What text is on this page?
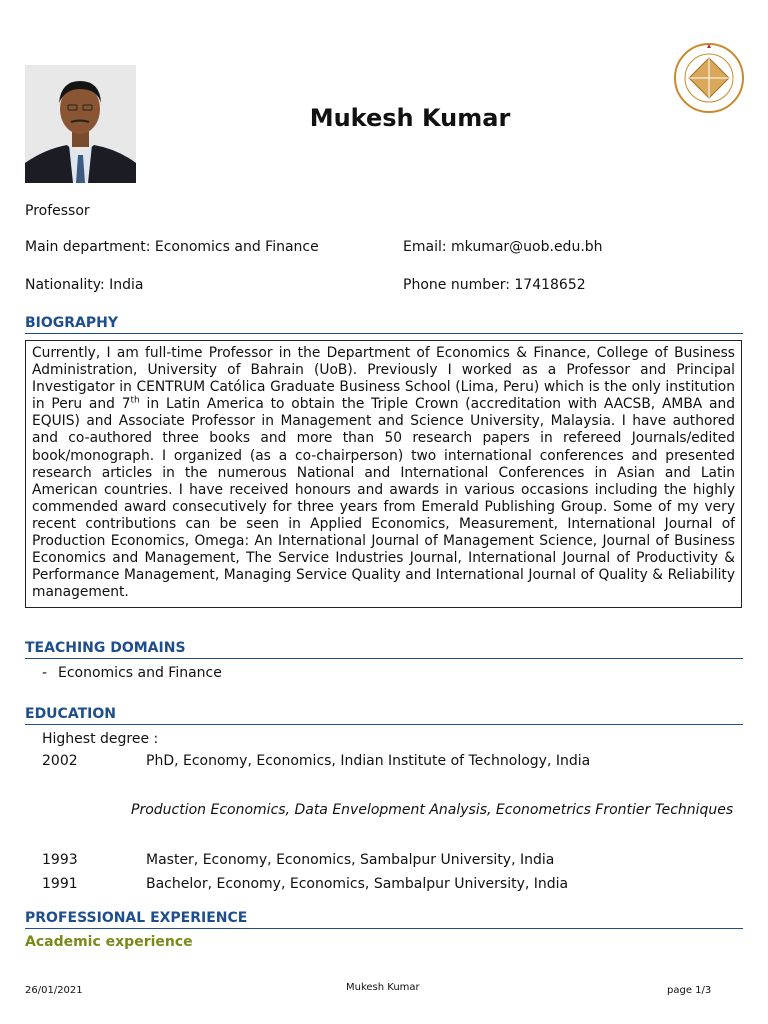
Mukesh Kumar
Professor
Main department: Economics and Finance	Email: mkumar@uob.edu.bh
Nationality: India	Phone number: 17418652
BIOGRAPHY
Currently, I am full-time Professor in the Department of Economics & Finance, College of Business Administration, University of Bahrain (UoB). Previously I worked as a Professor and Principal Investigator in CENTRUM Católica Graduate Business School (Lima, Peru) which is the only institution in Peru and 7th in Latin America to obtain the Triple Crown (accreditation with AACSB, AMBA and EQUIS) and Associate Professor in Management and Science University, Malaysia. I have authored and co-authored three books and more than 50 research papers in refereed Journals/edited book/monograph. I organized (as a co-chairperson) two international conferences and presented research articles in the numerous National and International Conferences in Asian and Latin American countries. I have received honours and awards in various occasions including the highly commended award consecutively for three years from Emerald Publishing Group. Some of my very recent contributions can be seen in Applied Economics, Measurement, International Journal of Production Economics, Omega: An International Journal of Management Science, Journal of Business Economics and Management, The Service Industries Journal, International Journal of Productivity & Performance Management, Managing Service Quality and International Journal of Quality & Reliability management.
TEACHING DOMAINS
- Economics and Finance
EDUCATION
Highest degree :
2002	PhD, Economy, Economics, Indian Institute of Technology, India
Production Economics, Data Envelopment Analysis, Econometrics Frontier Techniques
1993	Master, Economy, Economics, Sambalpur University, India
1991	Bachelor, Economy, Economics, Sambalpur University, India
PROFESSIONAL EXPERIENCE
Academic experience
26/01/2021	Mukesh Kumar	page 1/3
